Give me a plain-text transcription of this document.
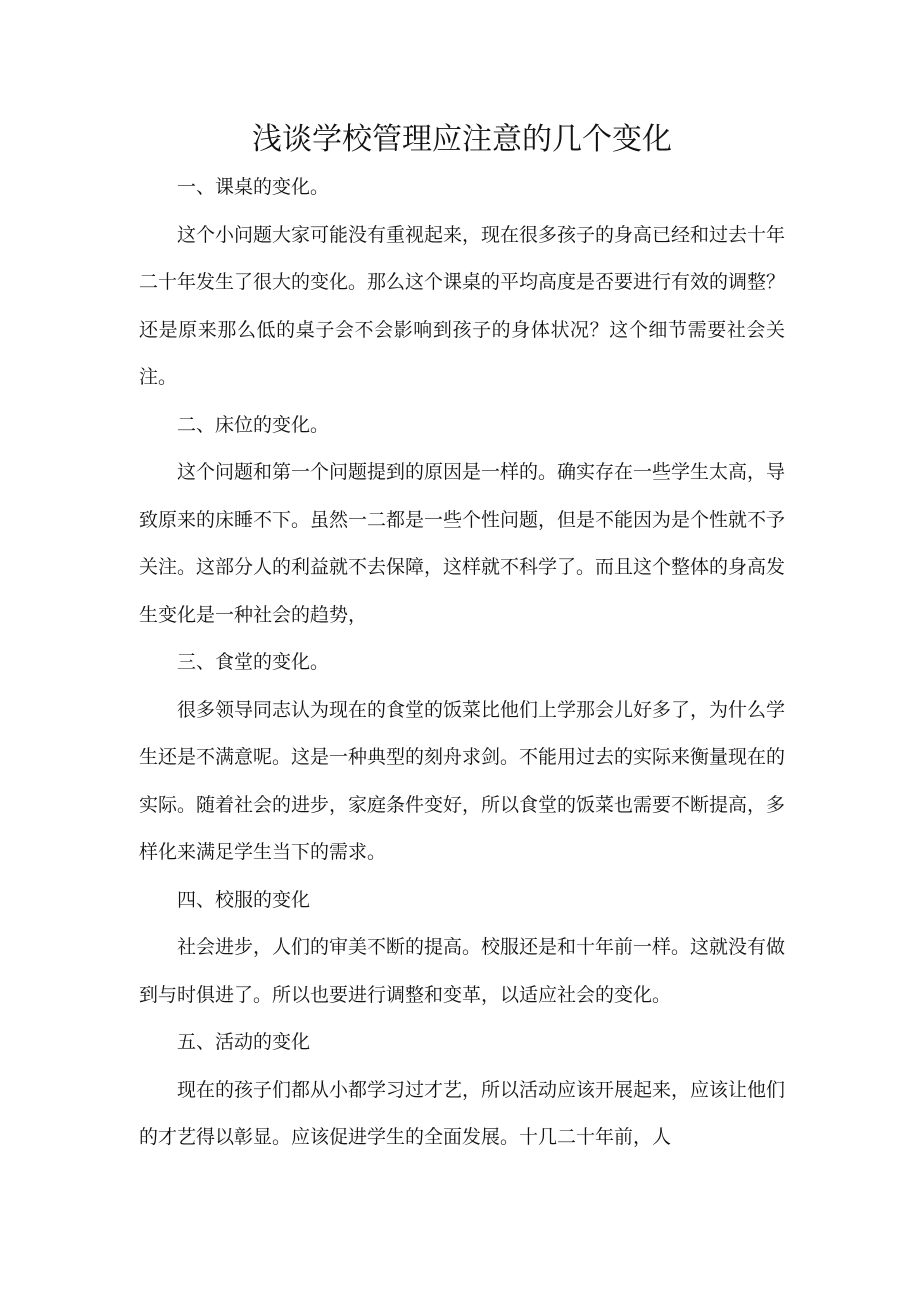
浅谈学校管理应注意的几个变化

一、课桌的变化。

这个小问题大家可能没有重视起来，现在很多孩子的身高已经和过去十年二十年发生了很大的变化。那么这个课桌的平均高度是否要进行有效的调整？还是原来那么低的桌子会不会影响到孩子的身体状况？这个细节需要社会关注。

二、床位的变化。

这个问题和第一个问题提到的原因是一样的。确实存在一些学生太高，导致原来的床睡不下。虽然一二都是一些个性问题，但是不能因为是个性就不予关注。这部分人的利益就不去保障，这样就不科学了。而且这个整体的身高发生变化是一种社会的趋势，

三、食堂的变化。

很多领导同志认为现在的食堂的饭菜比他们上学那会儿好多了，为什么学生还是不满意呢。这是一种典型的刻舟求剑。不能用过去的实际来衡量现在的实际。随着社会的进步，家庭条件变好，所以食堂的饭菜也需要不断提高，多样化来满足学生当下的需求。

四、校服的变化

社会进步，人们的审美不断的提高。校服还是和十年前一样。这就没有做到与时俱进了。所以也要进行调整和变革，以适应社会的变化。

五、活动的变化

现在的孩子们都从小都学习过才艺，所以活动应该开展起来，应该让他们的才艺得以彰显。应该促进学生的全面发展。十几二十年前，人
